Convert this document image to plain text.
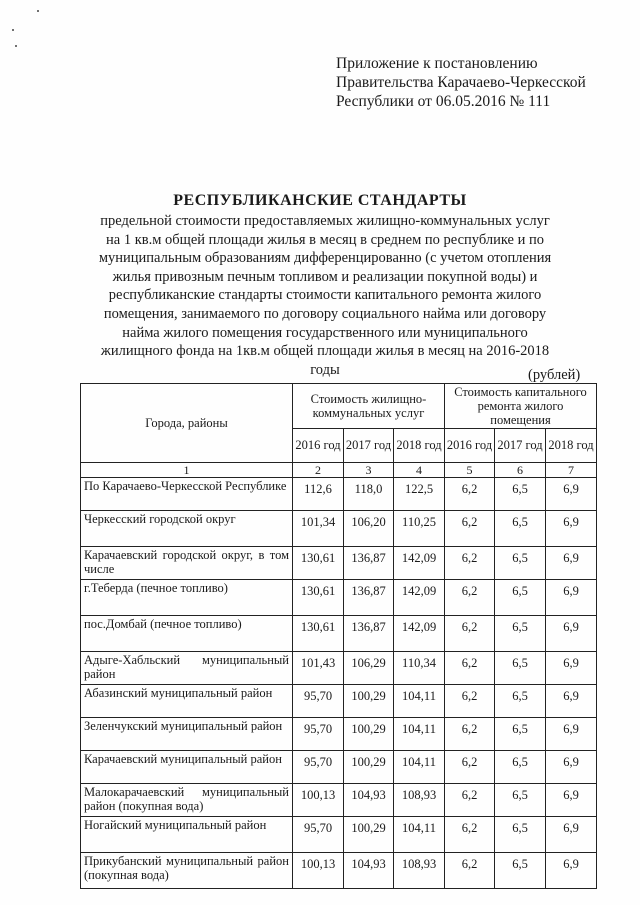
Приложение к постановлению
Правительства Карачаево-Черкесской
Республики от 06.05.2016 № 111
РЕСПУБЛИКАНСКИЕ СТАНДАРТЫ
предельной стоимости предоставляемых жилищно-коммунальных услуг на 1 кв.м общей площади жилья в месяц в среднем по республике и по муниципальным образованиям дифференцированно (с учетом отопления жилья привозным печным топливом и реализации покупной воды) и республиканские стандарты стоимости капитального ремонта жилого помещения, занимаемого по договору социального найма или договору найма жилого помещения государственного или муниципального жилищного фонда на 1кв.м общей площади жилья в месяц на 2016-2018 годы	(рублей)
Города, районы	Стоимость жилищно-коммунальных услуг			Стоимость капитального ремонта жилого помещения		
	2016 год	2017 год	2018 год	2016 год	2017 год	2018 год
1	2	3	4	5	6	7
По Карачаево-Черкесской Республике	112,6	118,0	122,5	6,2	6,5	6,9
Черкесский городской округ	101,34	106,20	110,25	6,2	6,5	6,9
Карачаевский городской округ, в том числе	130,61	136,87	142,09	6,2	6,5	6,9
г.Теберда (печное топливо)	130,61	136,87	142,09	6,2	6,5	6,9
пос.Домбай (печное топливо)	130,61	136,87	142,09	6,2	6,5	6,9
Адыге-Хабльский муниципальный район	101,43	106,29	110,34	6,2	6,5	6,9
Абазинский муниципальный район	95,70	100,29	104,11	6,2	6,5	6,9
Зеленчукский муниципальный район	95,70	100,29	104,11	6,2	6,5	6,9
Карачаевский муниципальный район	95,70	100,29	104,11	6,2	6,5	6,9
Малокарачаевский муниципальный район (покупная вода)	100,13	104,93	108,93	6,2	6,5	6,9
Ногайский муниципальный район	95,70	100,29	104,11	6,2	6,5	6,9
Прикубанский муниципальный район (покупная вода)	100,13	104,93	108,93	6,2	6,5	6,9
